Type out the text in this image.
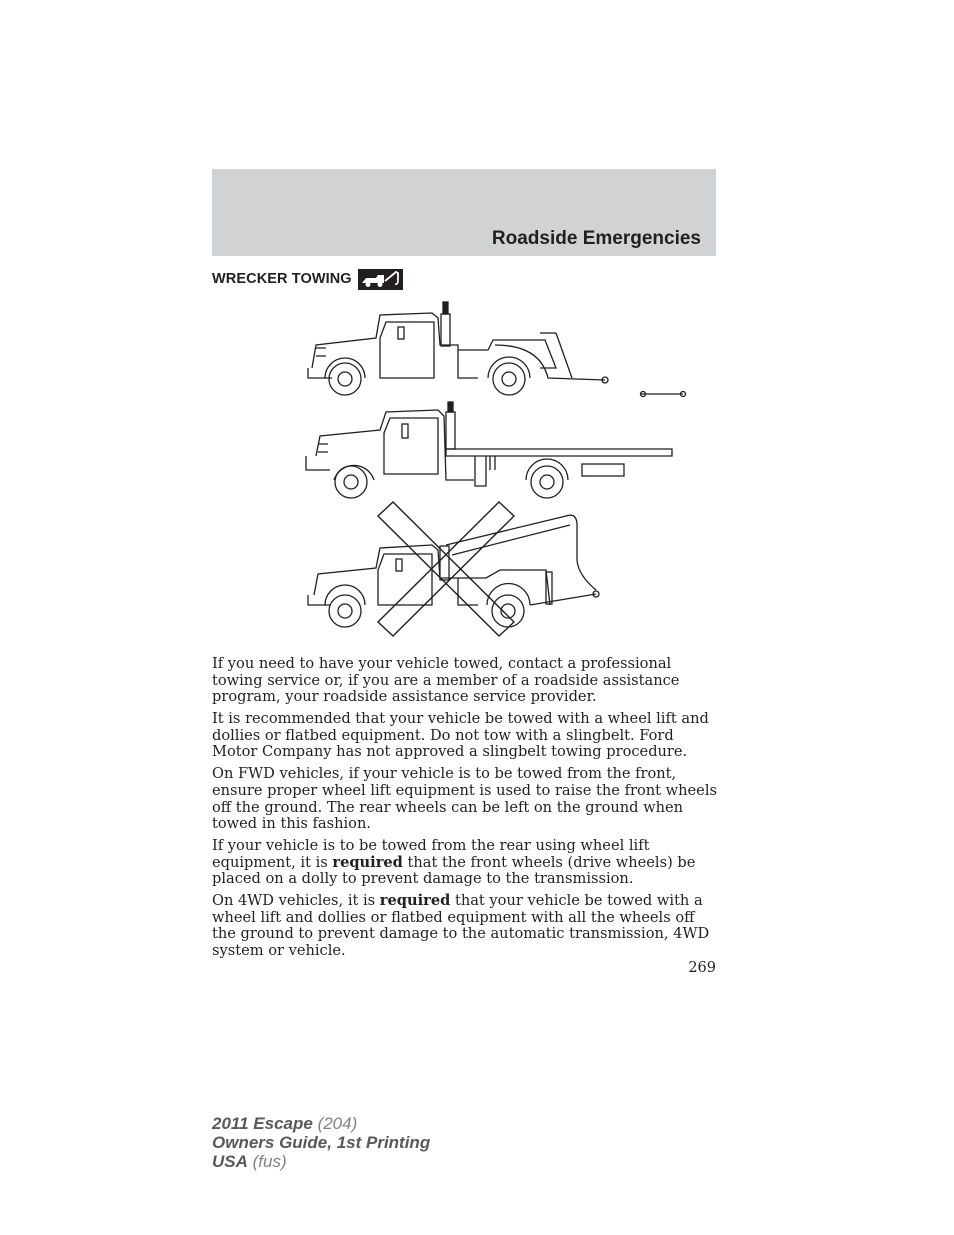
Roadside Emergencies
WRECKER TOWING

If you need to have your vehicle towed, contact a professional towing service or, if you are a member of a roadside assistance program, your roadside assistance service provider.

It is recommended that your vehicle be towed with a wheel lift and dollies or flatbed equipment. Do not tow with a slingbelt. Ford Motor Company has not approved a slingbelt towing procedure.

On FWD vehicles, if your vehicle is to be towed from the front, ensure proper wheel lift equipment is used to raise the front wheels off the ground. The rear wheels can be left on the ground when towed in this fashion.

If your vehicle is to be towed from the rear using wheel lift equipment, it is required that the front wheels (drive wheels) be placed on a dolly to prevent damage to the transmission.

On 4WD vehicles, it is required that your vehicle be towed with a wheel lift and dollies or flatbed equipment with all the wheels off the ground to prevent damage to the automatic transmission, 4WD system or vehicle.

269
2011 Escape (204)
Owners Guide, 1st Printing
USA (fus)
